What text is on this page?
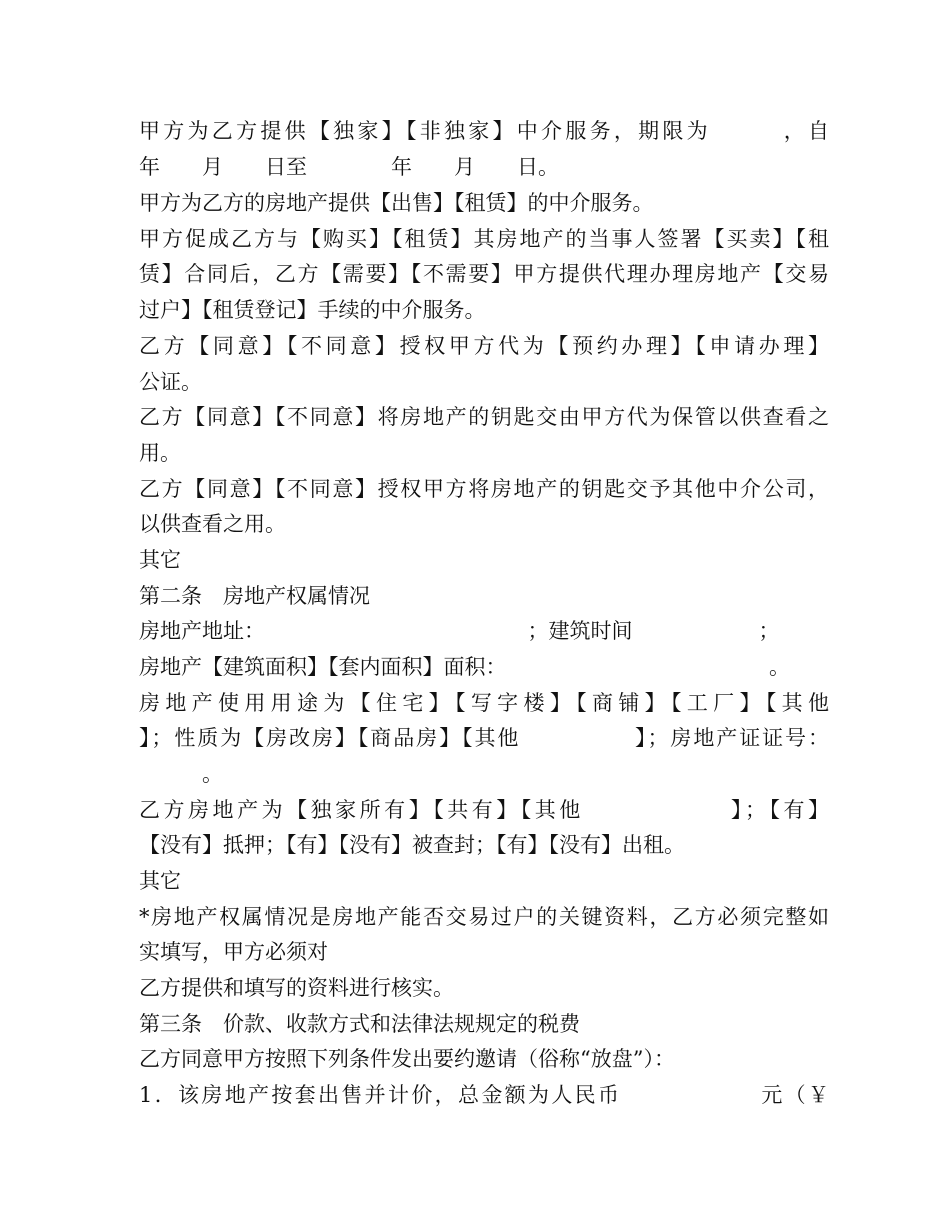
甲方为乙方提供【独家】【非独家】中介服务，期限为　　　，自
年　　月　　日至　　　　年　　月　　日。
甲方为乙方的房地产提供【出售】【租赁】的中介服务。
甲方促成乙方与【购买】【租赁】其房地产的当事人签署【买卖】【租
赁】合同后，乙方【需要】【不需要】甲方提供代理办理房地产【交易
过户】【租赁登记】手续的中介服务。
乙方【同意】【不同意】授权甲方代为【预约办理】【申请办理】
公证。
乙方【同意】【不同意】将房地产的钥匙交由甲方代为保管以供查看之
用。
乙方【同意】【不同意】授权甲方将房地产的钥匙交予其他中介公司，
以供查看之用。
其它
第二条　房地产权属情况
房地产地址：　　　　　　　　　　　　　；建筑时间　　　　　　；
房地产【建筑面积】【套内面积】面积：　　　　　　　　　　　　　。
房地产使用用途为【住宅】【写字楼】【商铺】【工厂】【其他
】；性质为【房改房】【商品房】【其他　　　　　】；房地产证证号：
　　　。
乙方房地产为【独家所有】【共有】【其他　　　　　　】；【有】
【没有】抵押；【有】【没有】被查封；【有】【没有】出租。
其它
*房地产权属情况是房地产能否交易过户的关键资料，乙方必须完整如
实填写，甲方必须对
乙方提供和填写的资料进行核实。
第三条　价款、收款方式和法律法规规定的税费
乙方同意甲方按照下列条件发出要约邀请（俗称“放盘”）：
1．该房地产按套出售并计价，总金额为人民币　　　　　　元（￥
